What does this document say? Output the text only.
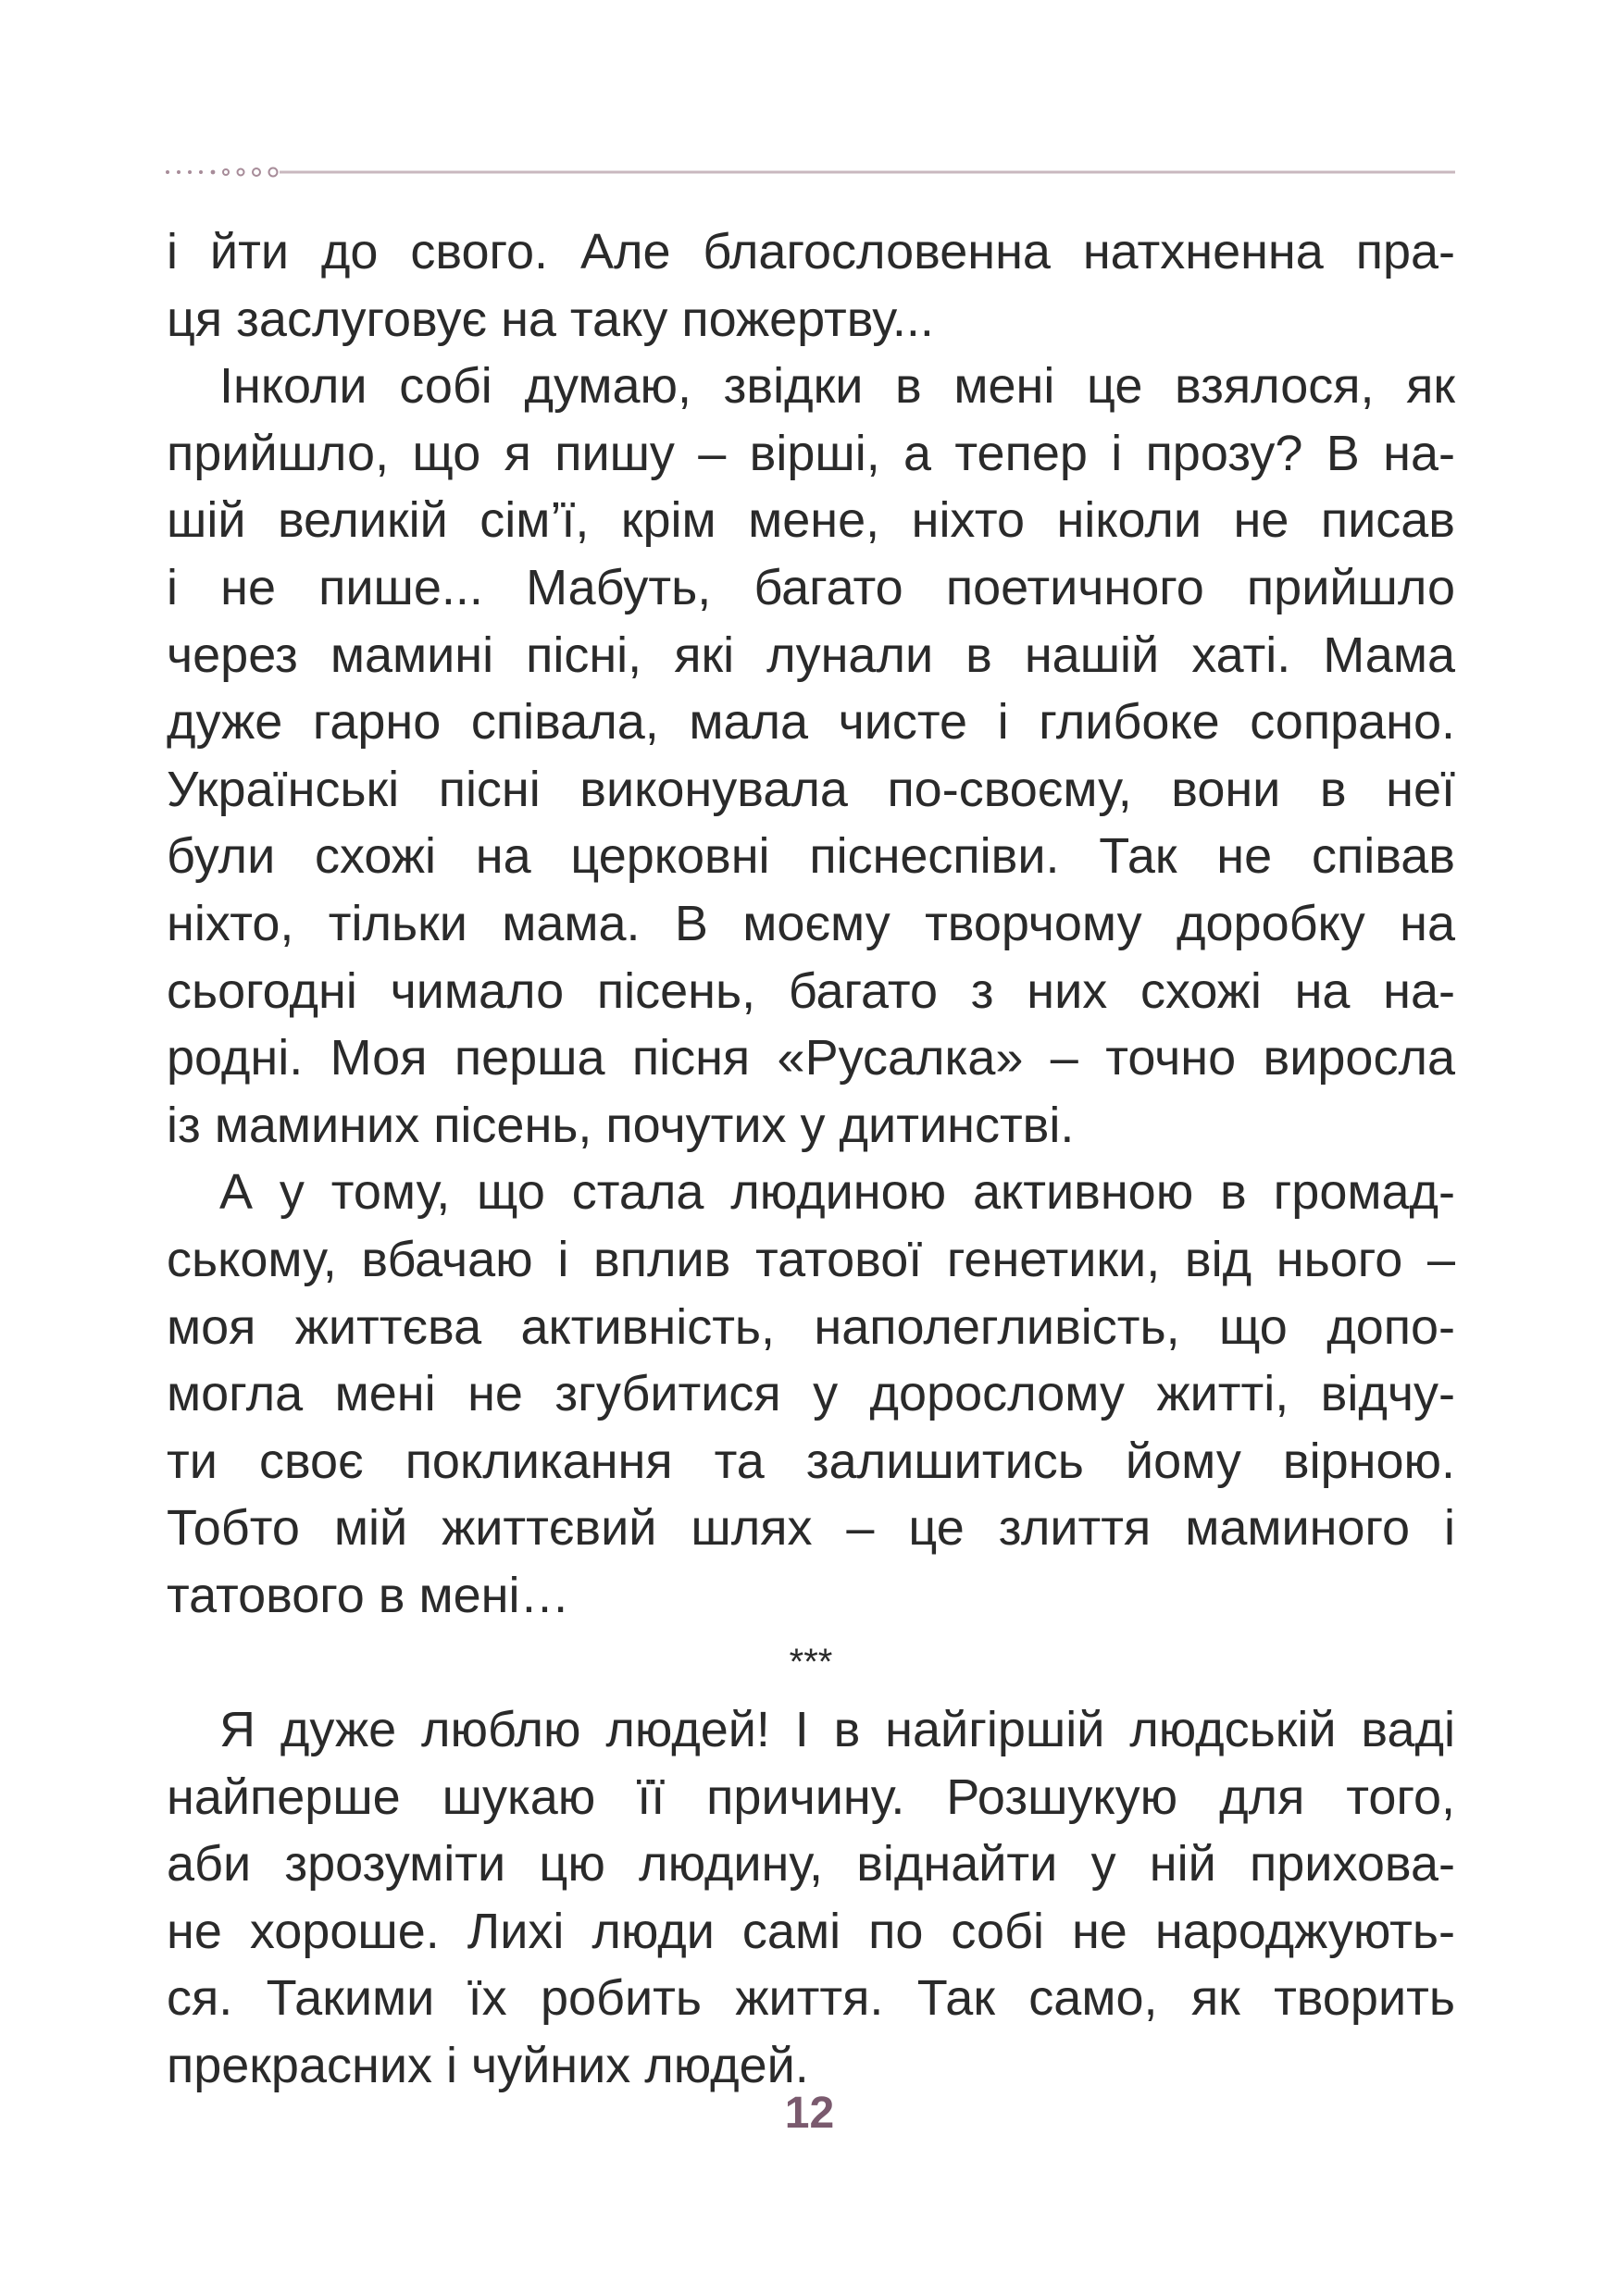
і йти до свого. Але благословенна натхненна пра-
ця заслуговує на таку пожертву...
Інколи собі думаю, звідки в мені це взялося, як
прийшло, що я пишу – вірші, а тепер і прозу? В на-
шій великій сім’ї, крім мене, ніхто ніколи не писав
і не пише... Мабуть, багато поетичного прийшло
через мамині пісні, які лунали в нашій хаті. Мама
дуже гарно співала, мала чисте і глибоке сопрано.
Українські пісні виконувала по-своєму, вони в неї
були схожі на церковні піснеспіви. Так не співав
ніхто, тільки мама. В моєму творчому доробку на
сьогодні чимало пісень, багато з них схожі на на-
родні. Моя перша пісня «Русалка» – точно виросла
із маминих пісень, почутих у дитинстві.
А у тому, що стала людиною активною в громад-
ському, вбачаю і вплив татової генетики, від нього –
моя життєва активність, наполегливість, що допо-
могла мені не згубитися у дорослому житті, відчу-
ти своє покликання та залишитись йому вірною.
Тобто мій життєвий шлях – це злиття маминого і
татового в мені…
***
Я дуже люблю людей! І в найгіршій людській ваді
найперше шукаю її причину. Розшукую для того,
аби зрозуміти цю людину, віднайти у ній прихова-
не хороше. Лихі люди самі по собі не народжують-
ся. Такими їх робить життя. Так само, як творить
прекрасних і чуйних людей.
12
